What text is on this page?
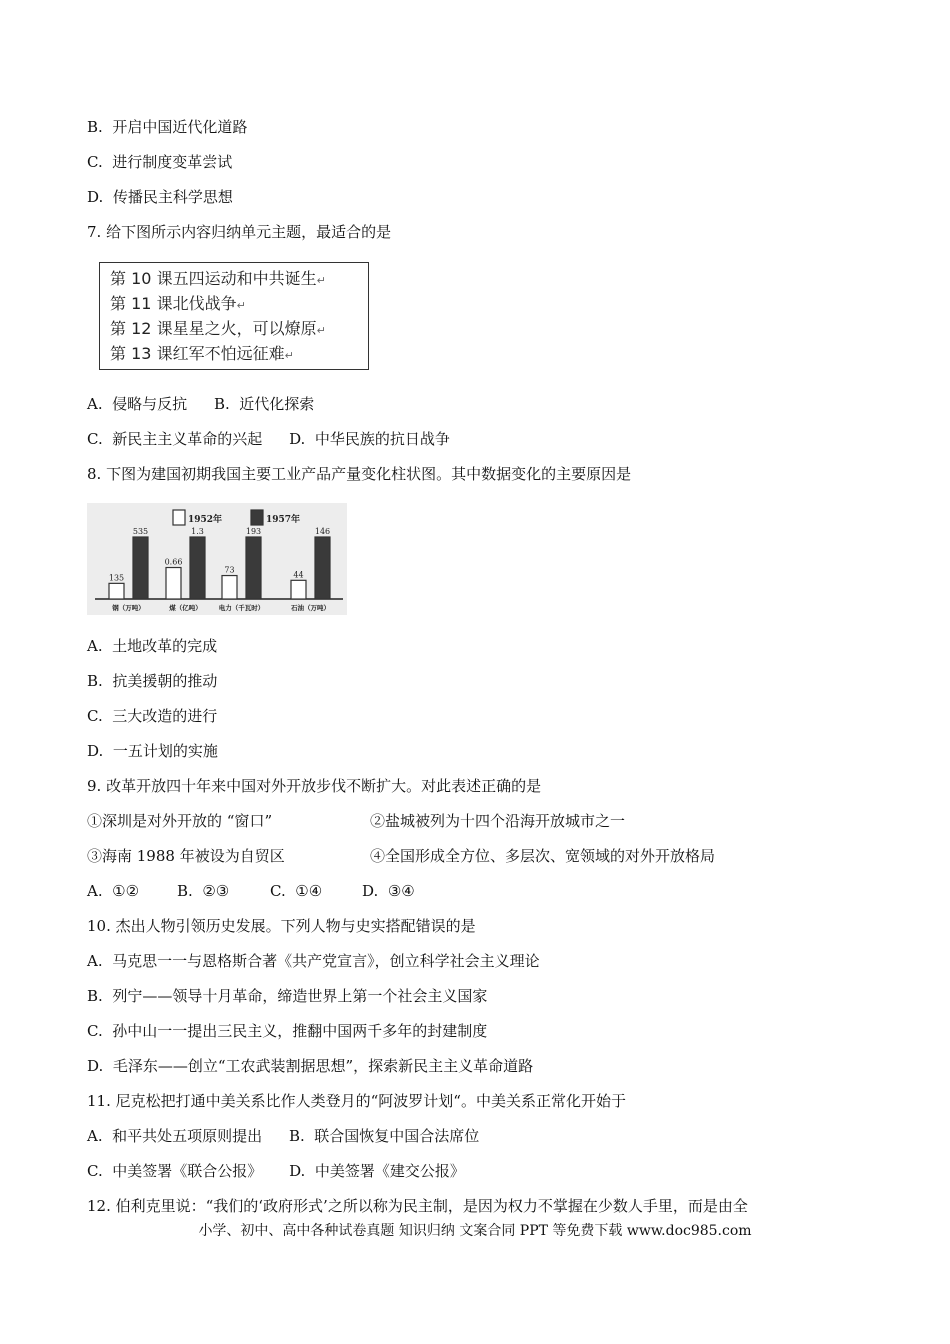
B. 开启中国近代化道路
C. 进行制度变革尝试
D. 传播民主科学思想
7. 给下图所示内容归纳单元主题，最适合的是
第 10 课五四运动和中共诞生↵
第 11 课北伐战争↵
第 12 课星星之火，可以燎原↵
第 13 课红军不怕远征难↵
A. 侵略与反抗 B. 近代化探索
C. 新民主主义革命的兴起 D. 中华民族的抗日战争
8. 下图为建国初期我国主要工业产品产量变化柱状图。其中数据变化的主要原因是
1952年	1957年
135
535
钢（万吨）
0.66
1.3
煤（亿吨）
73
193
电力（千瓦时）
44
146
石油（万吨）
A. 土地改革的完成
B. 抗美援朝的推动
C. 三大改造的进行
D. 一五计划的实施
9. 改革开放四十年来中国对外开放步伐不断扩大。对此表述正确的是
①深圳是对外开放的 “窗口”	②盐城被列为十四个沿海开放城市之一
③海南 1988 年被设为自贸区	④全国形成全方位、多层次、宽领域的对外开放格局
A. ①②	B. ②③	C. ①④	D. ③④
10. 杰出人物引领历史发展。下列人物与史实搭配错误的是
A. 马克思一一与恩格斯合著《共产党宣言》，创立科学社会主义理论
B. 列宁——领导十月革命，缔造世界上第一个社会主义国家
C. 孙中山一一提出三民主义，推翻中国两千多年的封建制度
D. 毛泽东——创立“工农武装割据思想”，探索新民主主义革命道路
11. 尼克松把打通中美关系比作人类登月的“阿波罗计划“。中美关系正常化开始于
A. 和平共处五项原则提出 B. 联合国恢复中国合法席位
C. 中美签署《联合公报》 D. 中美签署《建交公报》
12. 伯利克里说：“我们的‘政府形式’之所以称为民主制，是因为权力不掌握在少数人手里，而是由全
小学、初中、高中各种试卷真题 知识归纳 文案合同 PPT 等免费下载 www.doc985.com
